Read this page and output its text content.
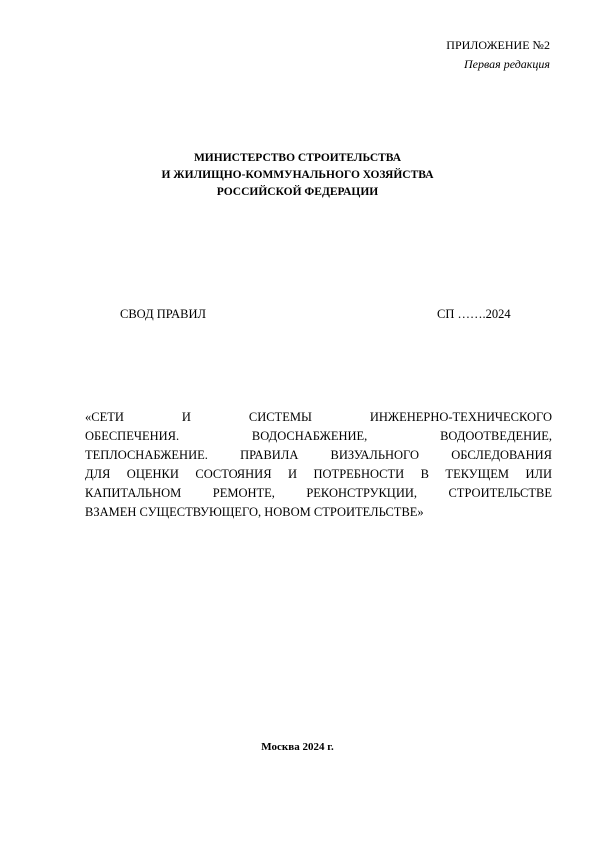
ПРИЛОЖЕНИЕ №2
Первая редакция
МИНИСТЕРСТВО СТРОИТЕЛЬСТВА
И ЖИЛИЩНО-КОММУНАЛЬНОГО ХОЗЯЙСТВА
РОССИЙСКОЙ ФЕДЕРАЦИИ
СВОД ПРАВИЛ	СП …….2024
«СЕТИ И СИСТЕМЫ ИНЖЕНЕРНО-ТЕХНИЧЕСКОГО
ОБЕСПЕЧЕНИЯ. ВОДОСНАБЖЕНИЕ, ВОДООТВЕДЕНИЕ,
ТЕПЛОСНАБЖЕНИЕ. ПРАВИЛА ВИЗУАЛЬНОГО ОБСЛЕДОВАНИЯ
ДЛЯ ОЦЕНКИ СОСТОЯНИЯ И ПОТРЕБНОСТИ В ТЕКУЩЕМ ИЛИ
КАПИТАЛЬНОМ РЕМОНТЕ, РЕКОНСТРУКЦИИ, СТРОИТЕЛЬСТВЕ
ВЗАМЕН СУЩЕСТВУЮЩЕГО, НОВОМ СТРОИТЕЛЬСТВЕ»
Москва 2024 г.
